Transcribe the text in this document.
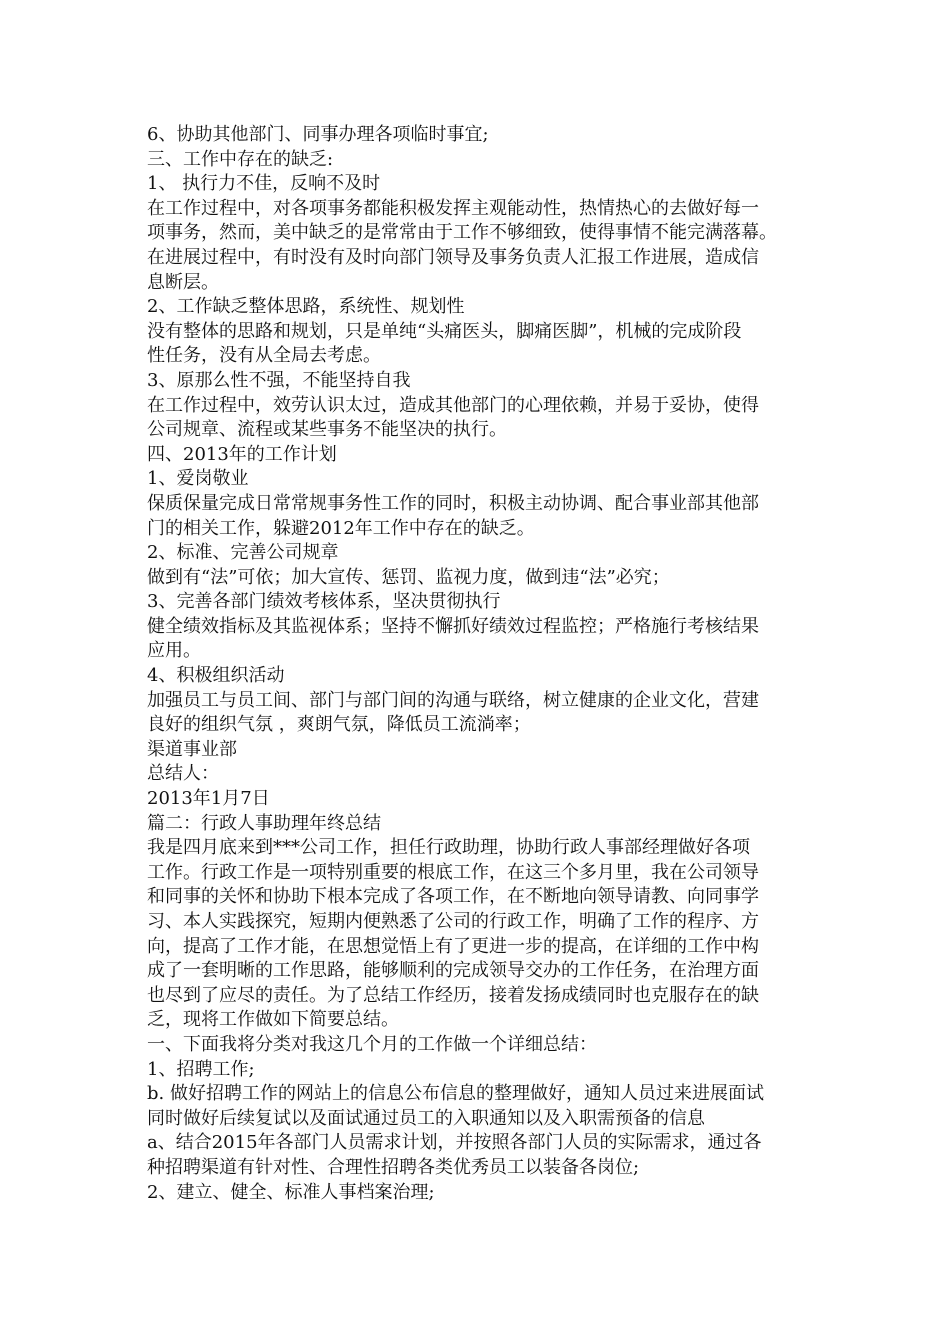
6、协助其他部门、同事办理各项临时事宜;
三、工作中存在的缺乏:
1、 执行力不佳，反响不及时
在工作过程中，对各项事务都能积极发挥主观能动性，热情热心的去做好每一
项事务，然而，美中缺乏的是常常由于工作不够细致，使得事情不能完满落幕。
在进展过程中，有时没有及时向部门领导及事务负责人汇报工作进展，造成信
息断层。
2、工作缺乏整体思路，系统性、规划性
没有整体的思路和规划，只是单纯“头痛医头，脚痛医脚”，机械的完成阶段
性任务，没有从全局去考虑。
3、原那么性不强，不能坚持自我
在工作过程中，效劳认识太过，造成其他部门的心理依赖，并易于妥协，使得
公司规章、流程或某些事务不能坚决的执行。
四、2013年的工作计划
1、爱岗敬业
保质保量完成日常常规事务性工作的同时，积极主动协调、配合事业部其他部
门的相关工作，躲避2012年工作中存在的缺乏。
2、标准、完善公司规章
做到有“法”可依；加大宣传、惩罚、监视力度，做到违“法”必究；
3、完善各部门绩效考核体系，坚决贯彻执行
健全绩效指标及其监视体系；坚持不懈抓好绩效过程监控；严格施行考核结果
应用。
4、积极组织活动
加强员工与员工间、部门与部门间的沟通与联络，树立健康的企业文化，营建
良好的组织气氛 ，爽朗气氛，降低员工流淌率；
渠道事业部
总结人：
2013年1月7日
篇二：行政人事助理年终总结
我是四月底来到***公司工作，担任行政助理，协助行政人事部经理做好各项
工作。行政工作是一项特别重要的根底工作，在这三个多月里，我在公司领导
和同事的关怀和协助下根本完成了各项工作，在不断地向领导请教、向同事学
习、本人实践探究，短期内便熟悉了公司的行政工作，明确了工作的程序、方
向，提高了工作才能，在思想觉悟上有了更进一步的提高，在详细的工作中构
成了一套明晰的工作思路，能够顺利的完成领导交办的工作任务，在治理方面
也尽到了应尽的责任。为了总结工作经历，接着发扬成绩同时也克服存在的缺
乏，现将工作做如下简要总结。
一、下面我将分类对我这几个月的工作做一个详细总结：
1、招聘工作;
b. 做好招聘工作的网站上的信息公布信息的整理做好，通知人员过来进展面试
同时做好后续复试以及面试通过员工的入职通知以及入职需预备的信息
a、结合2015年各部门人员需求计划，并按照各部门人员的实际需求，通过各
种招聘渠道有针对性、合理性招聘各类优秀员工以装备各岗位;
2、建立、健全、标准人事档案治理;
